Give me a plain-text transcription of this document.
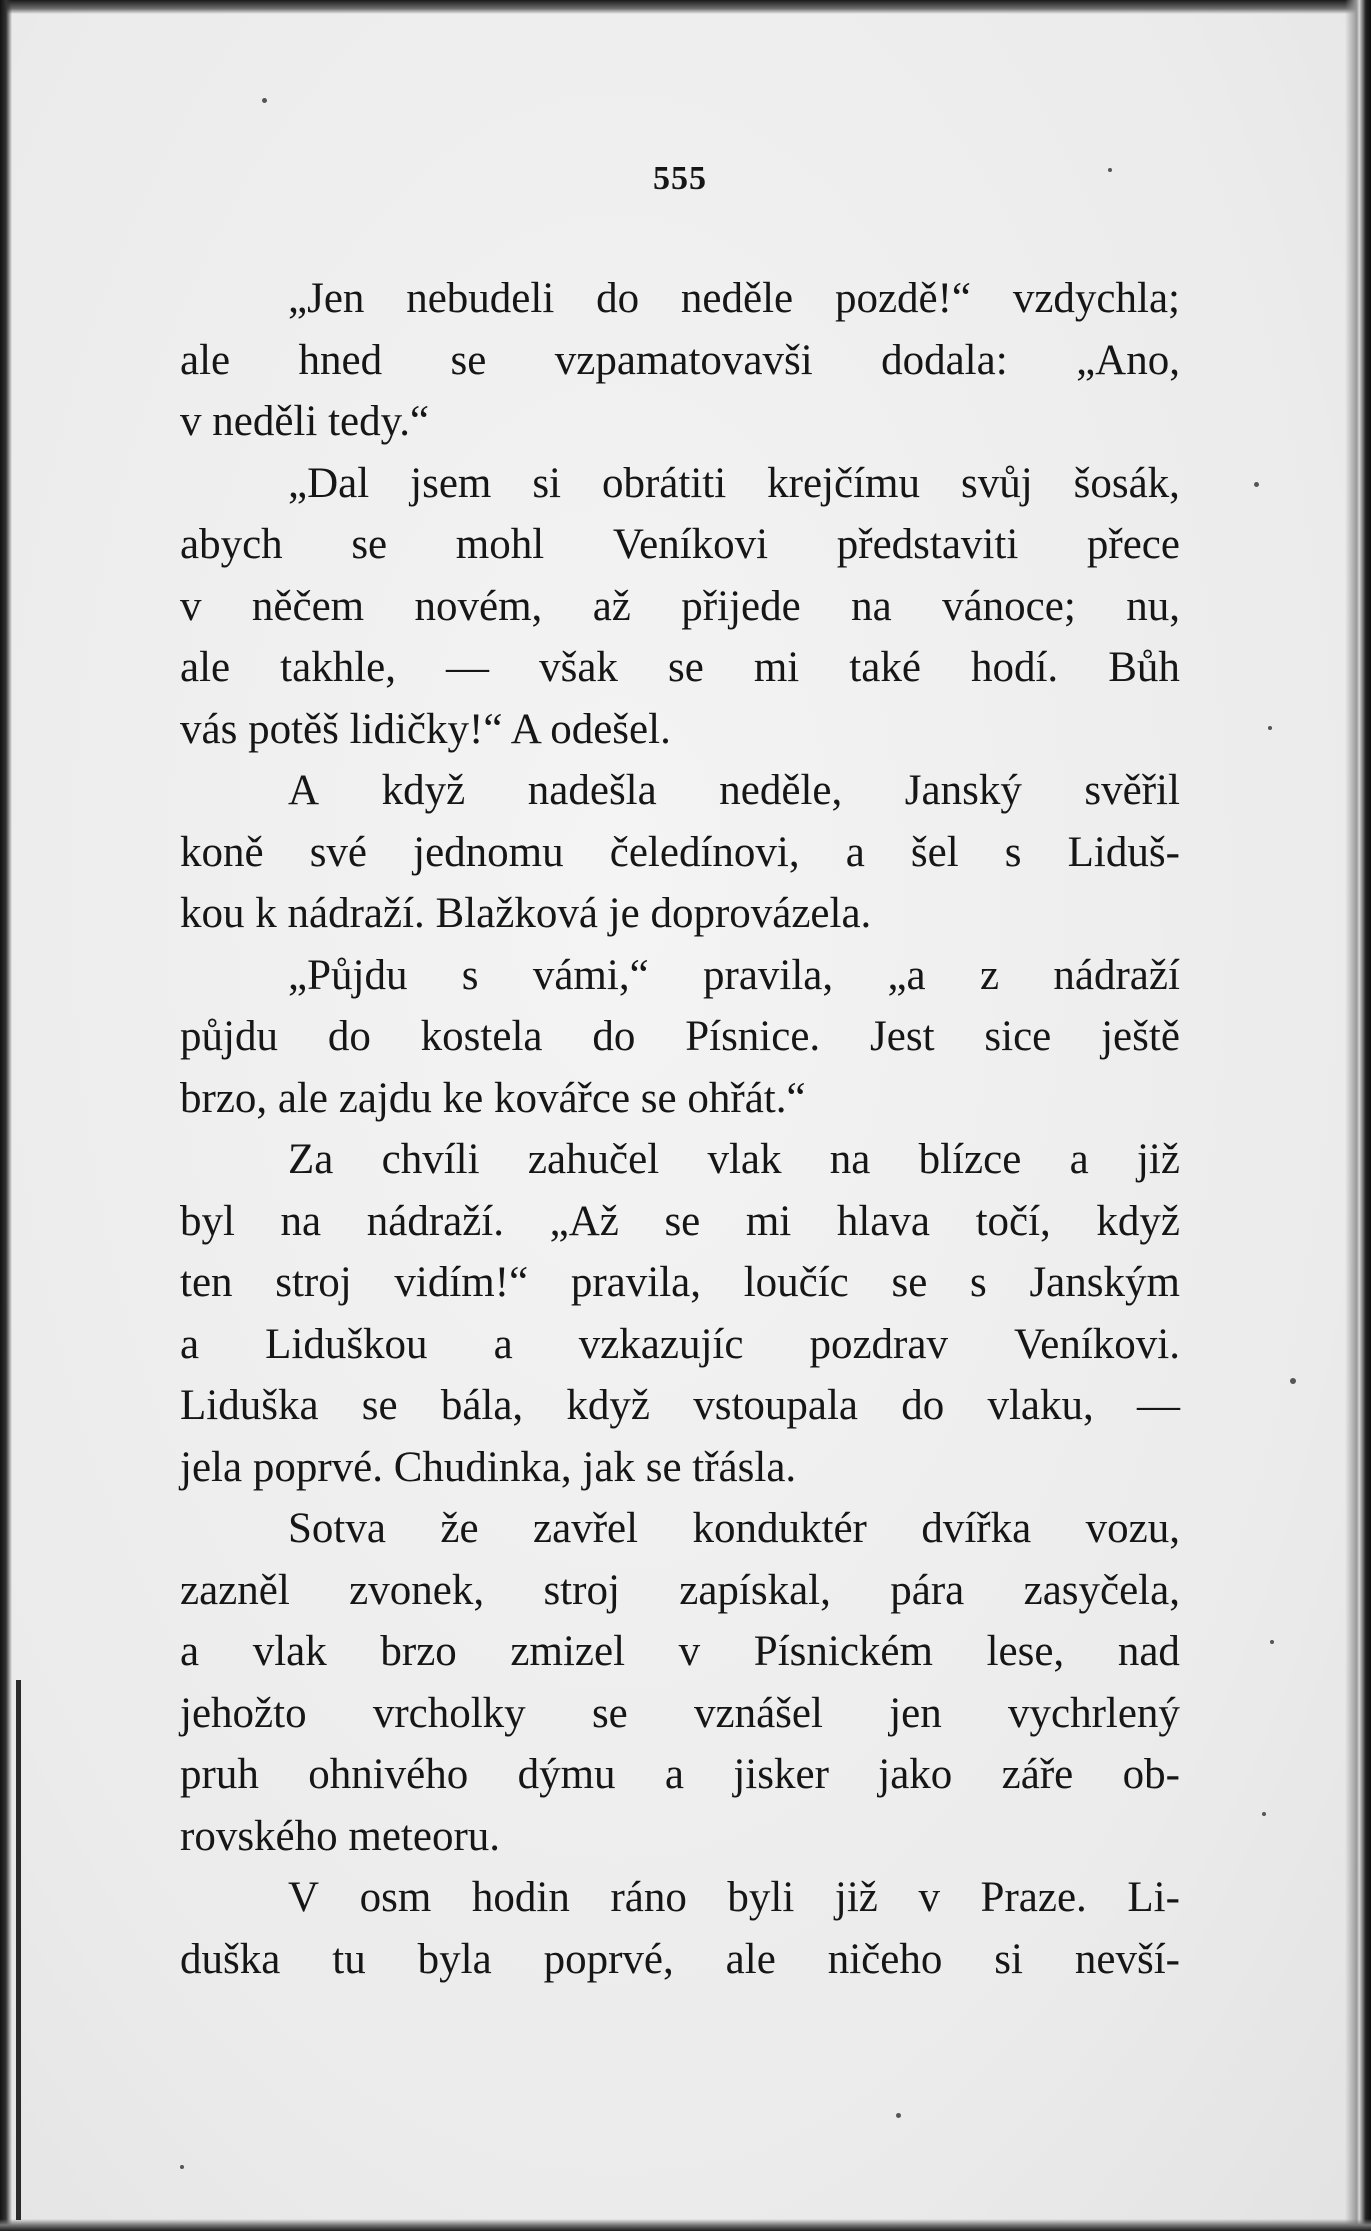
555
„Jen nebudeli do neděle pozdě!“ vzdychla;
ale hned se vzpamatovavši dodala: „Ano,
v neděli tedy.“
„Dal jsem si obrátiti krejčímu svůj šosák,
abych se mohl Veníkovi představiti přece
v něčem novém, až přijede na vánoce; nu,
ale takhle, — však se mi také hodí. Bůh
vás potěš lidičky!“ A odešel.
A když nadešla neděle, Janský svěřil
koně své jednomu čeledínovi, a šel s Liduš-
kou k nádraží. Blažková je doprovázela.
„Půjdu s vámi,“ pravila, „a z nádraží
půjdu do kostela do Písnice. Jest sice ještě
brzo, ale zajdu ke kovářce se ohřát.“
Za chvíli zahučel vlak na blízce a již
byl na nádraží. „Až se mi hlava točí, když
ten stroj vidím!“ pravila, loučíc se s Janským
a Liduškou a vzkazujíc pozdrav Veníkovi.
Liduška se bála, když vstoupala do vlaku, —
jela poprvé. Chudinka, jak se třásla.
Sotva že zavřel konduktér dvířka vozu,
zazněl zvonek, stroj zapískal, pára zasyčela,
a vlak brzo zmizel v Písnickém lese, nad
jehožto vrcholky se vznášel jen vychrlený
pruh ohnivého dýmu a jisker jako záře ob-
rovského meteoru.
V osm hodin ráno byli již v Praze. Li-
duška tu byla poprvé, ale ničeho si nevší-
